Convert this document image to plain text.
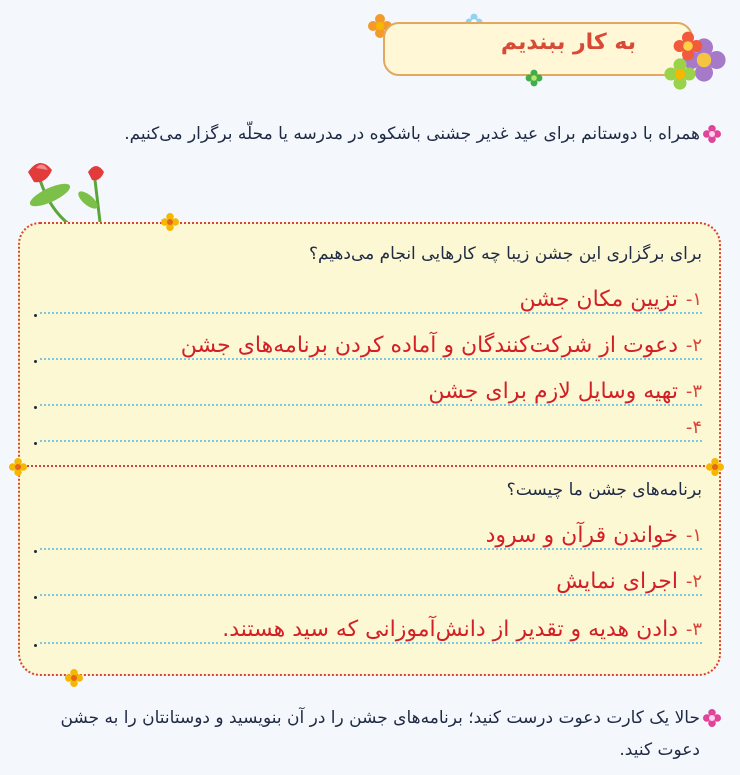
به کار ببندیم
همراه با دوستانم برای عید غدیر جشنی باشکوه در مدرسه یا محلّه برگزار می‌کنیم.
برای برگزاری این جشن زیبا چه کارهایی انجام می‌دهیم؟
۱-
تزیین مکان جشن
۲-
دعوت از شرکت‌کنندگان و آماده کردن برنامه‌های جشن
۳-
تهیه وسایل لازم برای جشن
۴-
برنامه‌های جشن ما چیست؟
۱-
خواندن قرآن و سرود
۲-
اجرای نمایش
۳-
دادن هدیه و تقدیر از دانش‌آموزانی که سید هستند.
حالا یک کارت دعوت درست کنید؛ برنامه‌های جشن را در آن بنویسید و دوستانتان را به جشن دعوت کنید.
